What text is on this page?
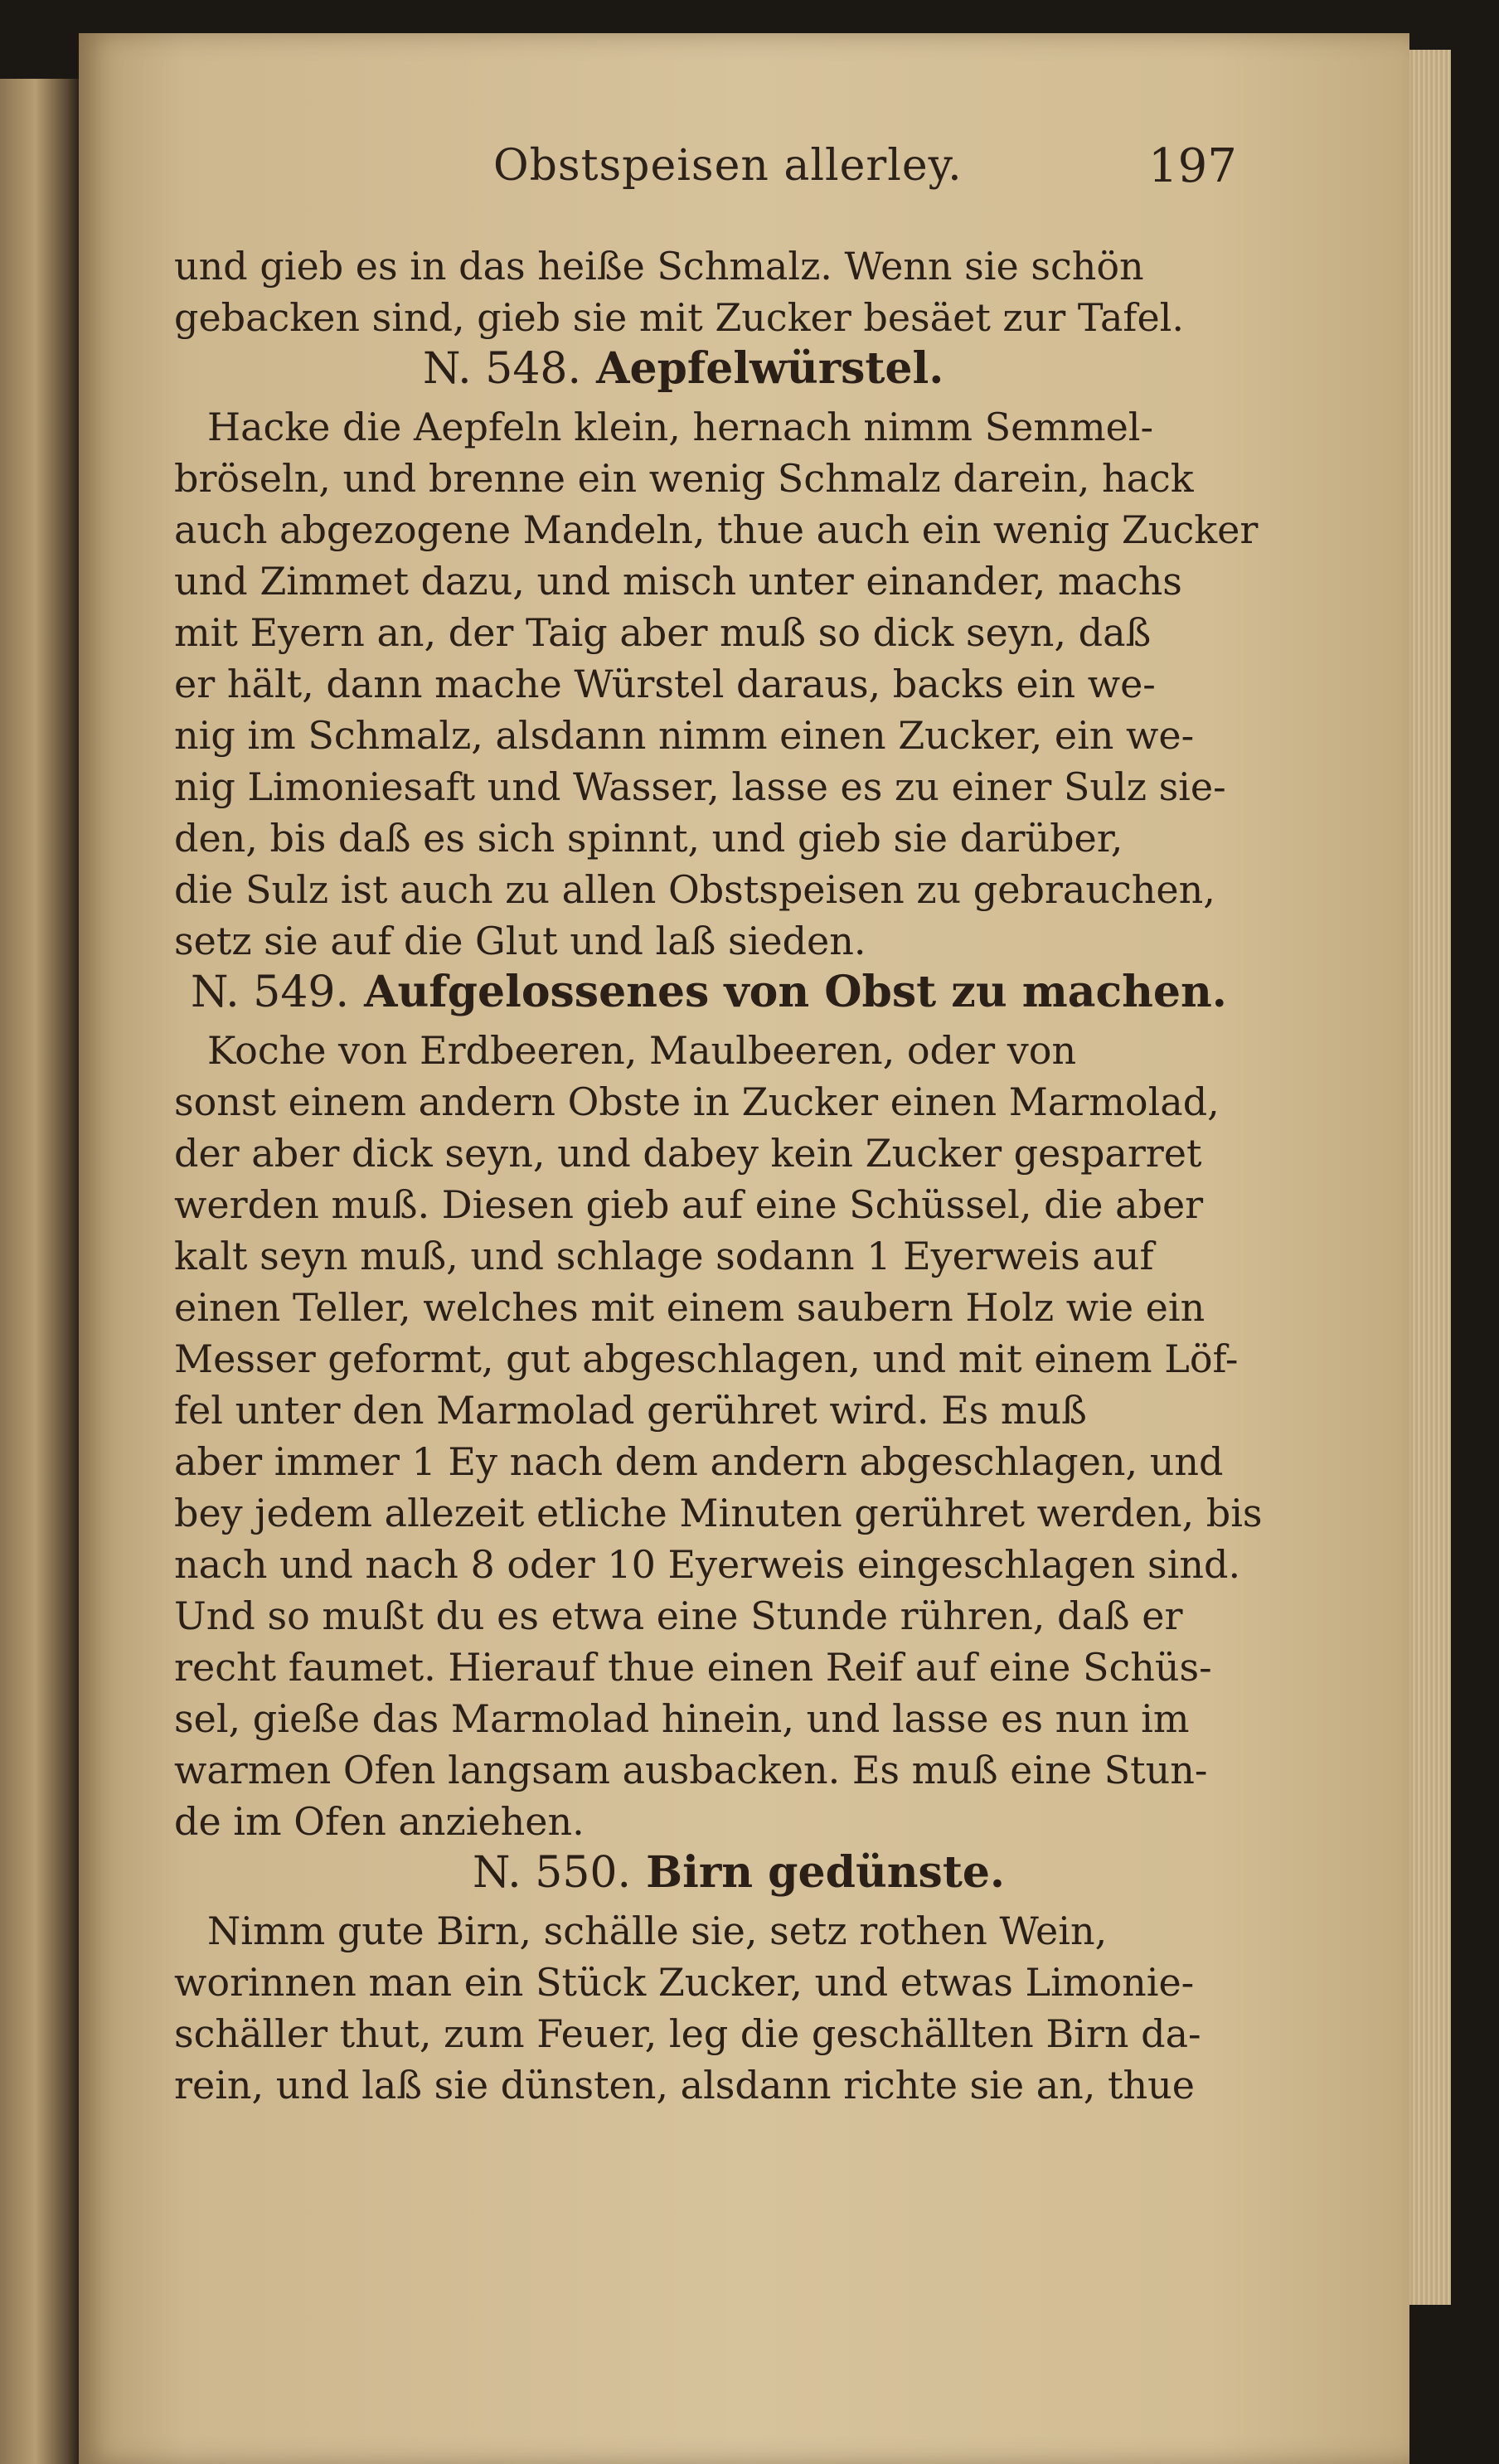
Obstspeisen allerley.	197
und gieb es in das heiße Schmalz. Wenn sie schön
gebacken sind, gieb sie mit Zucker besäet zur Tafel.
N. 548. Aepfelwürstel.
Hacke die Aepfeln klein, hernach nimm Semmel-
bröseln, und brenne ein wenig Schmalz darein, hack
auch abgezogene Mandeln, thue auch ein wenig Zucker
und Zimmet dazu, und misch unter einander, machs
mit Eyern an, der Taig aber muß so dick seyn, daß
er hält, dann mache Würstel daraus, backs ein we-
nig im Schmalz, alsdann nimm einen Zucker, ein we-
nig Limoniesaft und Wasser, lasse es zu einer Sulz sie-
den, bis daß es sich spinnt, und gieb sie darüber,
die Sulz ist auch zu allen Obstspeisen zu gebrauchen,
setz sie auf die Glut und laß sieden.
N. 549. Aufgelossenes von Obst zu machen.
Koche von Erdbeeren, Maulbeeren, oder von
sonst einem andern Obste in Zucker einen Marmolad,
der aber dick seyn, und dabey kein Zucker gesparret
werden muß. Diesen gieb auf eine Schüssel, die aber
kalt seyn muß, und schlage sodann 1 Eyerweis auf
einen Teller, welches mit einem saubern Holz wie ein
Messer geformt, gut abgeschlagen, und mit einem Löf-
fel unter den Marmolad gerühret wird. Es muß
aber immer 1 Ey nach dem andern abgeschlagen, und
bey jedem allezeit etliche Minuten gerühret werden, bis
nach und nach 8 oder 10 Eyerweis eingeschlagen sind.
Und so mußt du es etwa eine Stunde rühren, daß er
recht faumet. Hierauf thue einen Reif auf eine Schüs-
sel, gieße das Marmolad hinein, und lasse es nun im
warmen Ofen langsam ausbacken. Es muß eine Stun-
de im Ofen anziehen.
N. 550. Birn gedünste.
Nimm gute Birn, schälle sie, setz rothen Wein,
worinnen man ein Stück Zucker, und etwas Limonie-
schäller thut, zum Feuer, leg die geschällten Birn da-
rein, und laß sie dünsten, alsdann richte sie an, thue
